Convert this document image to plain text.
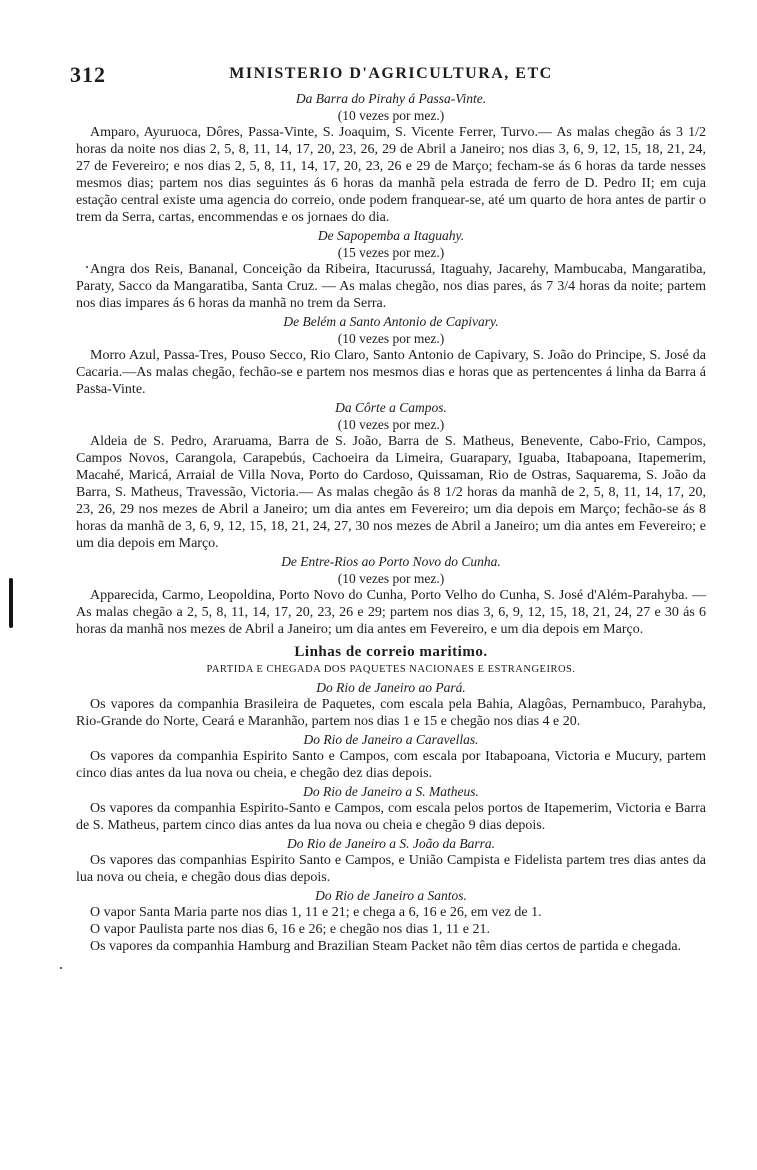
312	MINISTERIO D'AGRICULTURA, ETC
Da Barra do Pirahy á Passa-Vinte.
(10 vezes por mez.)

Amparo, Ayuruoca, Dôres, Passa-Vinte, S. Joaquim, S. Vicente Ferrer, Turvo.— As malas chegão ás 3 1/2 horas da noite nos dias 2, 5, 8, 11, 14, 17, 20, 23, 26, 29 de Abril a Janeiro; nos dias 3, 6, 9, 12, 15, 18, 21, 24, 27 de Fevereiro; e nos dias 2, 5, 8, 11, 14, 17, 20, 23, 26 e 29 de Março; fecham-se ás 6 horas da tarde nesses mesmos dias; partem nos dias seguintes ás 6 horas da manhã pela estrada de ferro de D. Pedro II; em cuja estação central existe uma agencia do correio, onde podem franquear-se, até um quarto de hora antes de partir o trem da Serra, cartas, encommendas e os jornaes do dia.

De Sapopemba a Itaguahy.
(15 vezes por mez.)

Angra dos Reis, Bananal, Conceição da Ribeira, Itacurussá, Itaguahy, Jacarehy, Mambucaba, Mangaratiba, Paraty, Sacco da Mangaratiba, Santa Cruz. — As malas chegão, nos dias pares, ás 7 3/4 horas da noite; partem nos dias impares ás 6 horas da manhã no trem da Serra.

De Belém a Santo Antonio de Capivary.
(10 vezes por mez.)

Morro Azul, Passa-Tres, Pouso Secco, Rio Claro, Santo Antonio de Capivary, S. João do Principe, S. José da Cacaria.—As malas chegão, fechão-se e partem nos mesmos dias e horas que as pertencentes á linha da Barra á Passa-Vinte.

Da Côrte a Campos.
(10 vezes por mez.)

Aldeia de S. Pedro, Araruama, Barra de S. João, Barra de S. Matheus, Benevente, Cabo-Frio, Campos, Campos Novos, Carangola, Carapebús, Cachoeira da Limeira, Guarapary, Iguaba, Itabapoana, Itapemerim, Macahé, Maricá, Arraial de Villa Nova, Porto do Cardoso, Quissaman, Rio de Ostras, Saquarema, S. João da Barra, S. Matheus, Travessão, Victoria.— As malas chegão ás 8 1/2 horas da manhã de 2, 5, 8, 11, 14, 17, 20, 23, 26, 29 nos mezes de Abril a Janeiro; um dia antes em Fevereiro; um dia depois em Março; fechão-se ás 8 horas da manhã de 3, 6, 9, 12, 15, 18, 21, 24, 27, 30 nos mezes de Abril a Janeiro; um dia antes em Fevereiro; e um dia depois em Março.

De Entre-Rios ao Porto Novo do Cunha.
(10 vezes por mez.)

Apparecida, Carmo, Leopoldina, Porto Novo do Cunha, Porto Velho do Cunha, S. José d'Além-Parahyba. — As malas chegão a 2, 5, 8, 11, 14, 17, 20, 23, 26 e 29; partem nos dias 3, 6, 9, 12, 15, 18, 21, 24, 27 e 30 ás 6 horas da manhã nos mezes de Abril a Janeiro; um dia antes em Fevereiro, e um dia depois em Março.

Linhas de correio maritimo.
PARTIDA E CHEGADA DOS PAQUETES NACIONAES E ESTRANGEIROS.
Do Rio de Janeiro ao Pará.

Os vapores da companhia Brasileira de Paquetes, com escala pela Bahia, Alagôas, Pernambuco, Parahyba, Rio-Grande do Norte, Ceará e Maranhão, partem nos dias 1 e 15 e chegão nos dias 4 e 20.

Do Rio de Janeiro a Caravellas.

Os vapores da companhia Espirito Santo e Campos, com escala por Itabapoana, Victoria e Mucury, partem cinco dias antes da lua nova ou cheia, e chegão dez dias depois.

Do Rio de Janeiro a S. Matheus.

Os vapores da companhia Espirito-Santo e Campos, com escala pelos portos de Itapemerim, Victoria e Barra de S. Matheus, partem cinco dias antes da lua nova ou cheia e chegão 9 dias depois.

Do Rio de Janeiro a S. João da Barra.

Os vapores das companhias Espirito Santo e Campos, e União Campista e Fidelista partem tres dias antes da lua nova ou cheia, e chegão dous dias depois.

Do Rio de Janeiro a Santos.

O vapor Santa Maria parte nos dias 1, 11 e 21; e chega a 6, 16 e 26, em vez de 1.

O vapor Paulista parte nos dias 6, 16 e 26; e chegão nos dias 1, 11 e 21.

Os vapores da companhia Hamburg and Brazilian Steam Packet não têm dias certos de partida e chegada.
